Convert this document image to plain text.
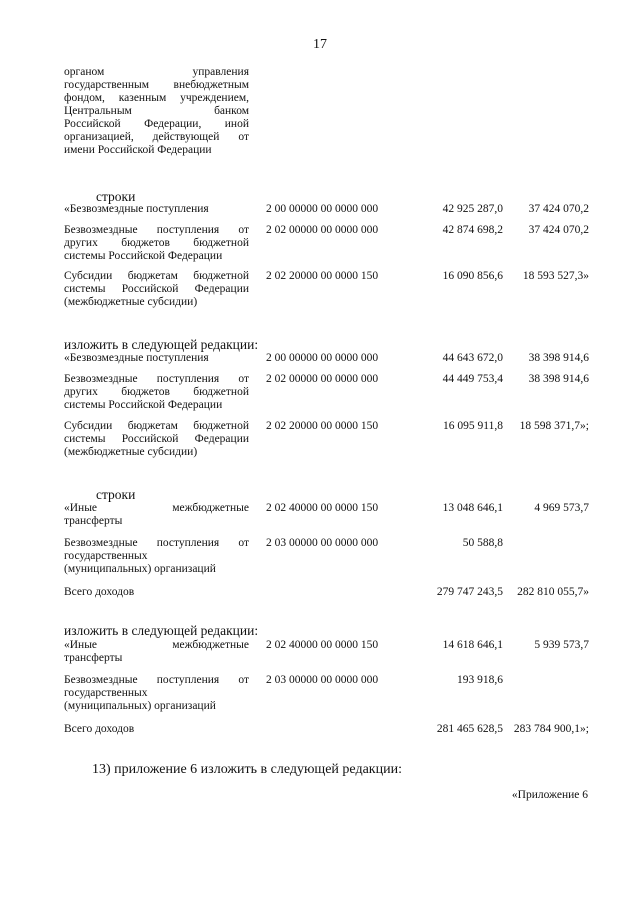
17
органом управления
государственным внебюджетным
фондом, казенным учреждением,
Центральным банком
Российской Федерации, иной
организацией, действующей от
имени Российской Федерации
строки
«Безвозмездные поступления	2 00 00000 00 0000 000	42 925 287,0 37 424 070,2
Безвозмездные поступления от
других бюджетов бюджетной
системы Российской Федерации
2 02 00000 00 0000 000	42 874 698,2 37 424 070,2
Субсидии бюджетам бюджетной
системы Российской Федерации
(межбюджетные субсидии)
2 02 20000 00 0000 150	16 090 856,6 18 593 527,3»
изложить в следующей редакции:
«Безвозмездные поступления	2 00 00000 00 0000 000	44 643 672,0 38 398 914,6
Безвозмездные поступления от
других бюджетов бюджетной
системы Российской Федерации
2 02 00000 00 0000 000	44 449 753,4 38 398 914,6
Субсидии бюджетам бюджетной
системы Российской Федерации
(межбюджетные субсидии)
2 02 20000 00 0000 150	16 095 911,8 18 598 371,7»;
строки
«Иные межбюджетные
трансферты
2 02 40000 00 0000 150	13 048 646,1	4 969 573,7
Безвозмездные поступления от
государственных
(муниципальных) организаций
2 03 00000 00 0000 000	50 588,8
Всего доходов	279 747 243,5 282 810 055,7»
изложить в следующей редакции:
«Иные межбюджетные
трансферты
2 02 40000 00 0000 150	14 618 646,1	5 939 573,7
Безвозмездные поступления от
государственных
(муниципальных) организаций
2 03 00000 00 0000 000	193 918,6
Всего доходов	281 465 628,5 283 784 900,1»;
13) приложение 6 изложить в следующей редакции:
«Приложение 6
